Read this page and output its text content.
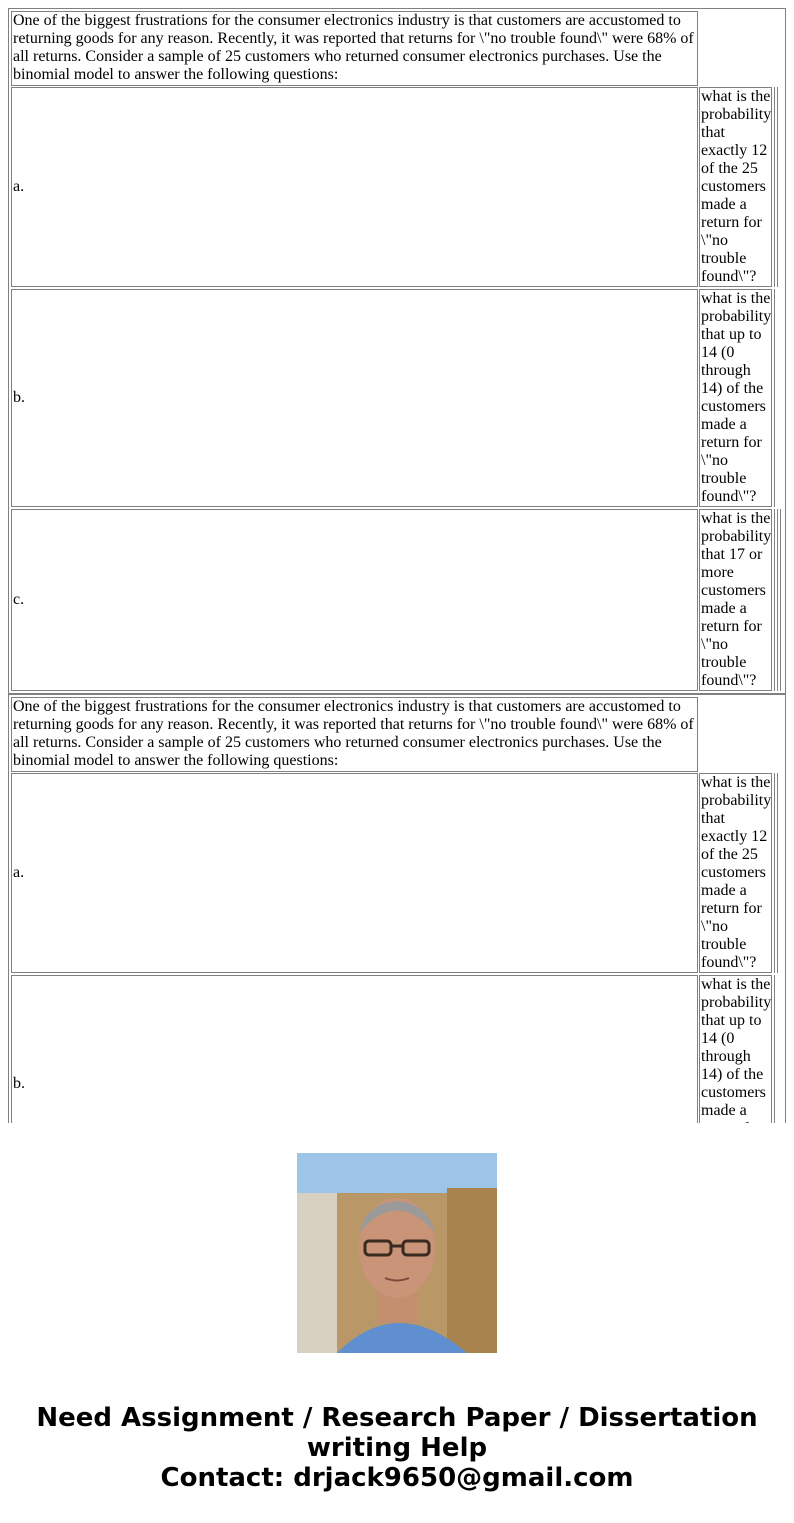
One of the biggest frustrations for the consumer electronics industry is that customers are accustomed to returning goods for any reason. Recently, it was reported that returns for \"no trouble found\" were 68% of all returns. Consider a sample of 25 customers who returned consumer electronics purchases. Use the binomial model to answer the following questions:
a.
what is the probability that exactly 12 of the 25 customers made a return for \"no trouble found\"?
b.
what is the probability that up to 14 (0 through 14) of the customers made a return for \"no trouble found\"?
c.
what is the probability that 17 or more customers made a return for \"no trouble found\"?
One of the biggest frustrations for the consumer electronics industry is that customers are accustomed to returning goods for any reason. Recently, it was reported that returns for \"no trouble found\" were 68% of all returns. Consider a sample of 25 customers who returned consumer electronics purchases. Use the binomial model to answer the following questions:
a.
what is the probability that exactly 12 of the 25 customers made a return for \"no trouble found\"?
b.
what is the probability that up to 14 (0 through 14) of the customers made a
Need Assignment / Research Paper / Dissertation
writing Help
Contact: drjack9650@gmail.com
